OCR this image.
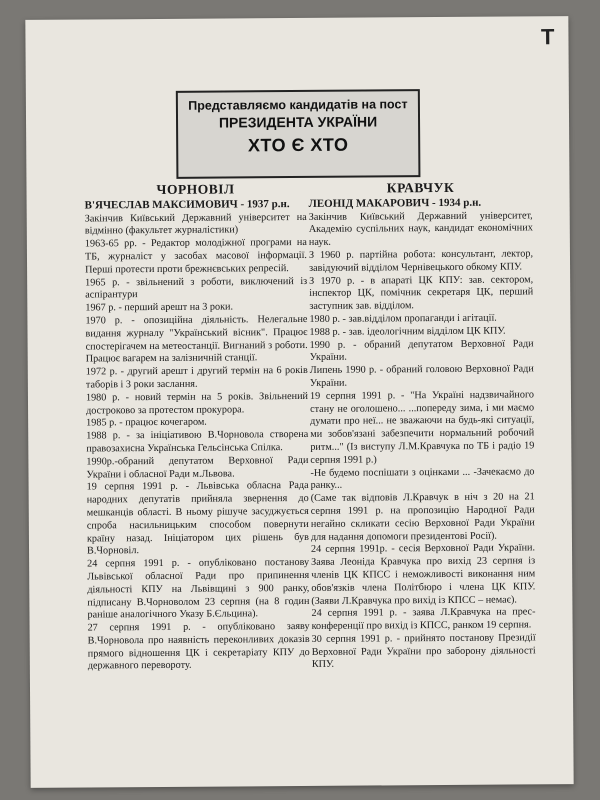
Т
Представляємо кандидатів на пост
ПРЕЗИДЕНТА УКРАЇНИ
ХТО Є ХТО
ЧОРНОВІЛ
В'ЯЧЕСЛАВ МАКСИМОВИЧ - 1937 р.н.

Закінчив Київський Державний університет на відмінно (факультет журналістики)

1963-65 рр. - Редактор молодіжної програми на ТБ, журналіст у засобах масової інформації. Перші протести проти брежнєвських репресій.

1965 р. - звільнений з роботи, виключений із аспірантури

1967 р. - перший арешт на 3 роки.

1970 р. - опозиційна діяльність. Нелегальне видання журналу "Український вісник". Працює спостерігачем на метеостанції. Вигнаний з роботи. Працює вагарем на залізничній станції.

1972 р. - другий арешт і другий термін на 6 років таборів і 3 роки заслання.

1980 р. - новий термін на 5 років. Звільнений достроково за протестом прокурора.

1985 р. - працює кочегаром.

1988 р. - за ініціативою В.Чорновола створена правозахисна Українська Гельсінська Спілка.

1990р.-обраний депутатом Верховної Ради України і обласної Ради м.Львова.

19 серпня 1991 р. - Львівська обласна Рада народних депутатів прийняла звернення до мешканців області. В ньому рішуче засуджується спроба насильницьким способом повернути країну назад. Ініціатором цих рішень був В.Чорновіл.

24 серпня 1991 р. - опубліковано постанову Львівської обласної Ради про припинення діяльності КПУ на Львівщині з 900 ранку, підписану В.Чорноволом 23 серпня (на 8 годин раніше аналогічного Указу Б.Єльцина).

27 серпня 1991 р. - опубліковано заяву В.Чорновола про наявність переконливих доказів прямого відношення ЦК і секретаріату КПУ до державного перевороту.

КРАВЧУК
ЛЕОНІД МАКАРОВИЧ - 1934 р.н.

Закінчив Київський Державний університет, Академію суспільних наук, кандидат економічних наук.

З 1960 р. партійна робота: консультант, лектор, завідуючий відділом Чернівецького обкому КПУ.

З 1970 р. - в апараті ЦК КПУ: зав. сектором, інспектор ЦК, помічник секретаря ЦК, перший заступник зав. відділом.

1980 р. - зав.відділом пропаганди і агітації.

1988 р. - зав. ідеологічним відділом ЦК КПУ.

1990 р. - обраний депутатом Верховної Ради України.

Липень 1990 р. - обраний головою Верховної Ради України.

19 серпня 1991 р. - "На Україні надзвичайного стану не оголошено... ...попереду зима, і ми маємо думати про неї... не зважаючи на будь-які ситуації, ми зобов'язані забезпечити нормальний робочий ритм..." (Із виступу Л.М.Кравчука по ТБ і радіо 19 серпня 1991 р.)

-Не будемо поспішати з оцінками ... -Зачекаємо до ранку...

(Саме так відповів Л.Кравчук в ніч з 20 на 21 серпня 1991 р. на пропозицію Народної Ради негайно скликати сесію Верховної Ради України для надання допомоги президентові Росії).

24 серпня 1991р. - сесія Верховної Ради України. Заява Леоніда Кравчука про вихід 23 серпня із членів ЦК КПСС і неможливості виконання ним обов'язків члена Політбюро і члена ЦК КПУ. (Заяви Л.Кравчука про вихід із КПСС – немає).

24 серпня 1991 р. - заява Л.Кравчука на прес-конференції про вихід із КПСС, ранком 19 серпня.

30 серпня 1991 р. - прийнято постанову Президії Верховної Ради України про заборону діяльності КПУ.
